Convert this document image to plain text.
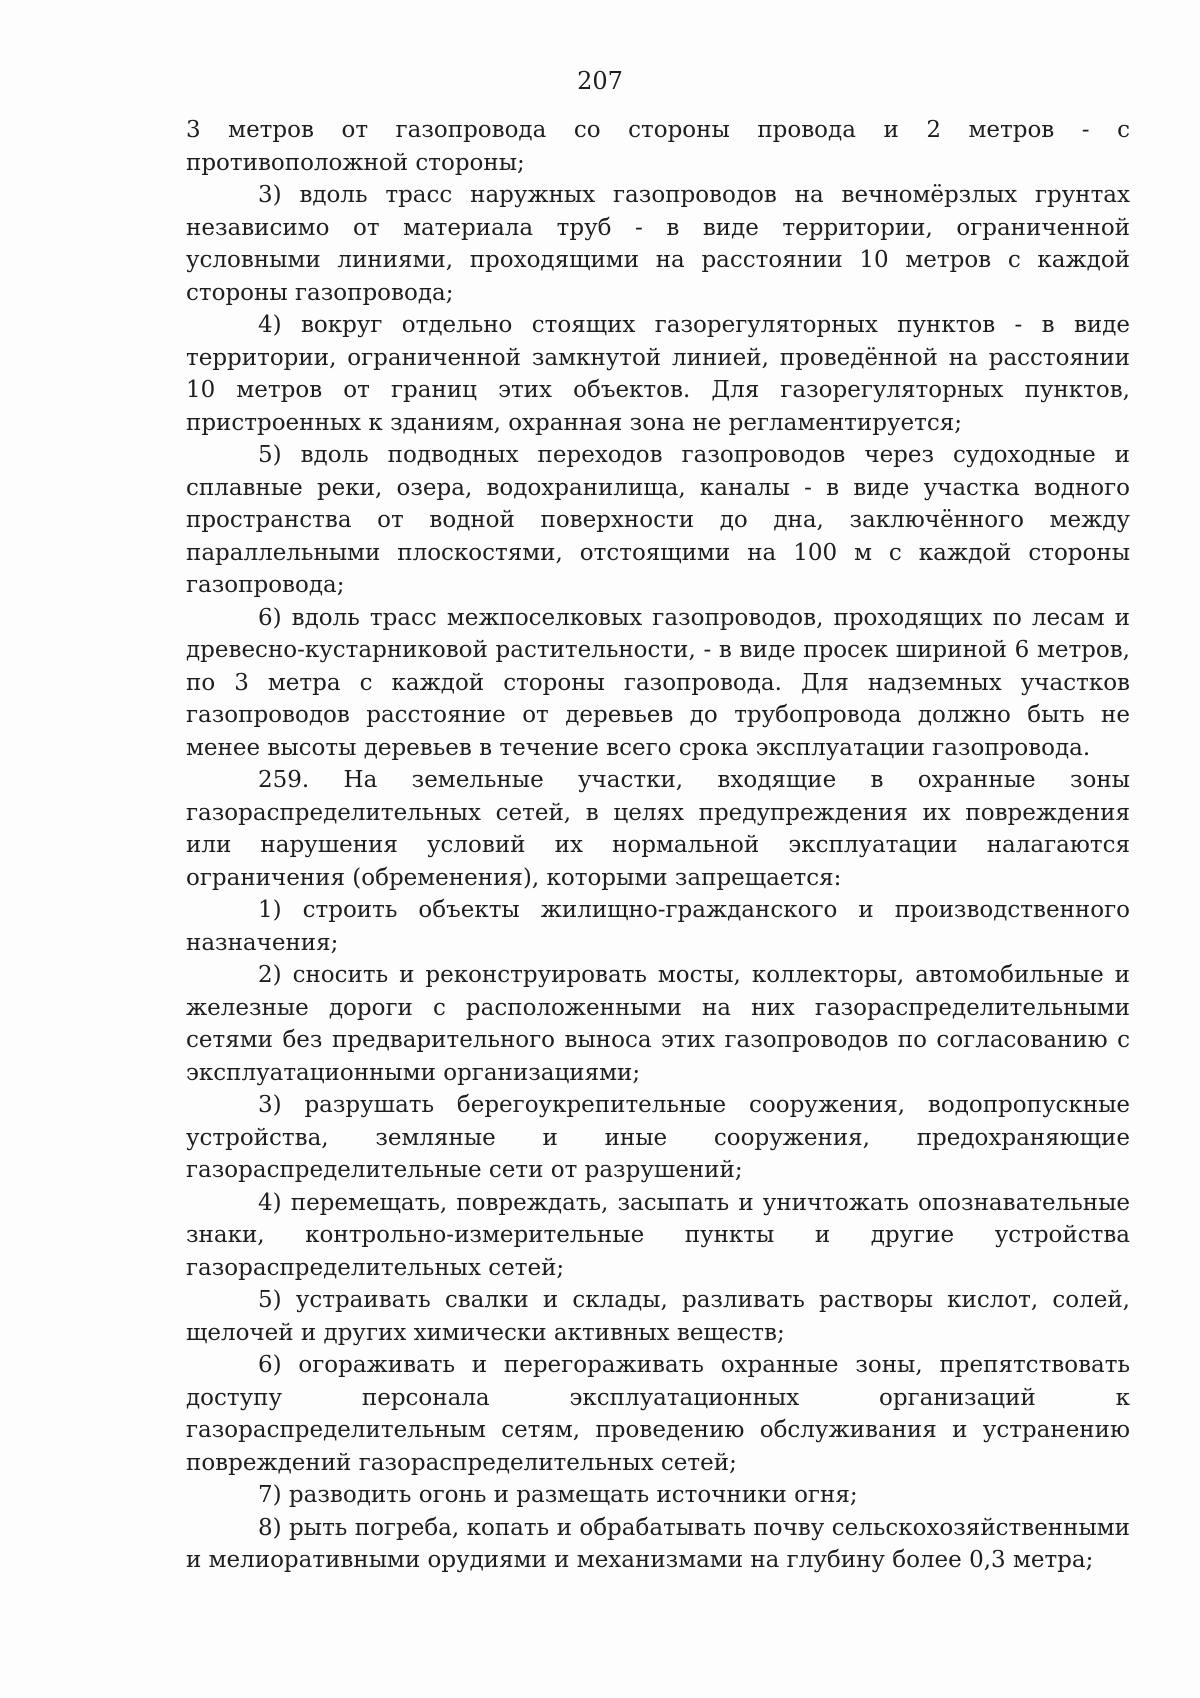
207

3 метров от газопровода со стороны провода и 2 метров - с противоположной стороны;

3) вдоль трасс наружных газопроводов на вечномёрзлых грунтах независимо от материала труб - в виде территории, ограниченной условными линиями, проходящими на расстоянии 10 метров с каждой стороны газопровода;

4) вокруг отдельно стоящих газорегуляторных пунктов - в виде территории, ограниченной замкнутой линией, проведённой на расстоянии 10 метров от границ этих объектов. Для газорегуляторных пунктов, пристроенных к зданиям, охранная зона не регламентируется;

5) вдоль подводных переходов газопроводов через судоходные и сплавные реки, озера, водохранилища, каналы - в виде участка водного пространства от водной поверхности до дна, заключённого между параллельными плоскостями, отстоящими на 100 м с каждой стороны газопровода;

6) вдоль трасс межпоселковых газопроводов, проходящих по лесам и древесно-кустарниковой растительности, - в виде просек шириной 6 метров, по 3 метра с каждой стороны газопровода. Для надземных участков газопроводов расстояние от деревьев до трубопровода должно быть не менее высоты деревьев в течение всего срока эксплуатации газопровода.

259. На земельные участки, входящие в охранные зоны газораспределительных сетей, в целях предупреждения их повреждения или нарушения условий их нормальной эксплуатации налагаются ограничения (обременения), которыми запрещается:

1) строить объекты жилищно-гражданского и производственного назначения;

2) сносить и реконструировать мосты, коллекторы, автомобильные и железные дороги с расположенными на них газораспределительными сетями без предварительного выноса этих газопроводов по согласованию с эксплуатационными организациями;

3) разрушать берегоукрепительные сооружения, водопропускные устройства, земляные и иные сооружения, предохраняющие газораспределительные сети от разрушений;

4) перемещать, повреждать, засыпать и уничтожать опознавательные знаки, контрольно-измерительные пункты и другие устройства газораспределительных сетей;

5) устраивать свалки и склады, разливать растворы кислот, солей, щелочей и других химически активных веществ;

6) огораживать и перегораживать охранные зоны, препятствовать доступу персонала эксплуатационных организаций к газораспределительным сетям, проведению обслуживания и устранению повреждений газораспределительных сетей;

7) разводить огонь и размещать источники огня;

8) рыть погреба, копать и обрабатывать почву сельскохозяйственными и мелиоративными орудиями и механизмами на глубину более 0,3 метра;
